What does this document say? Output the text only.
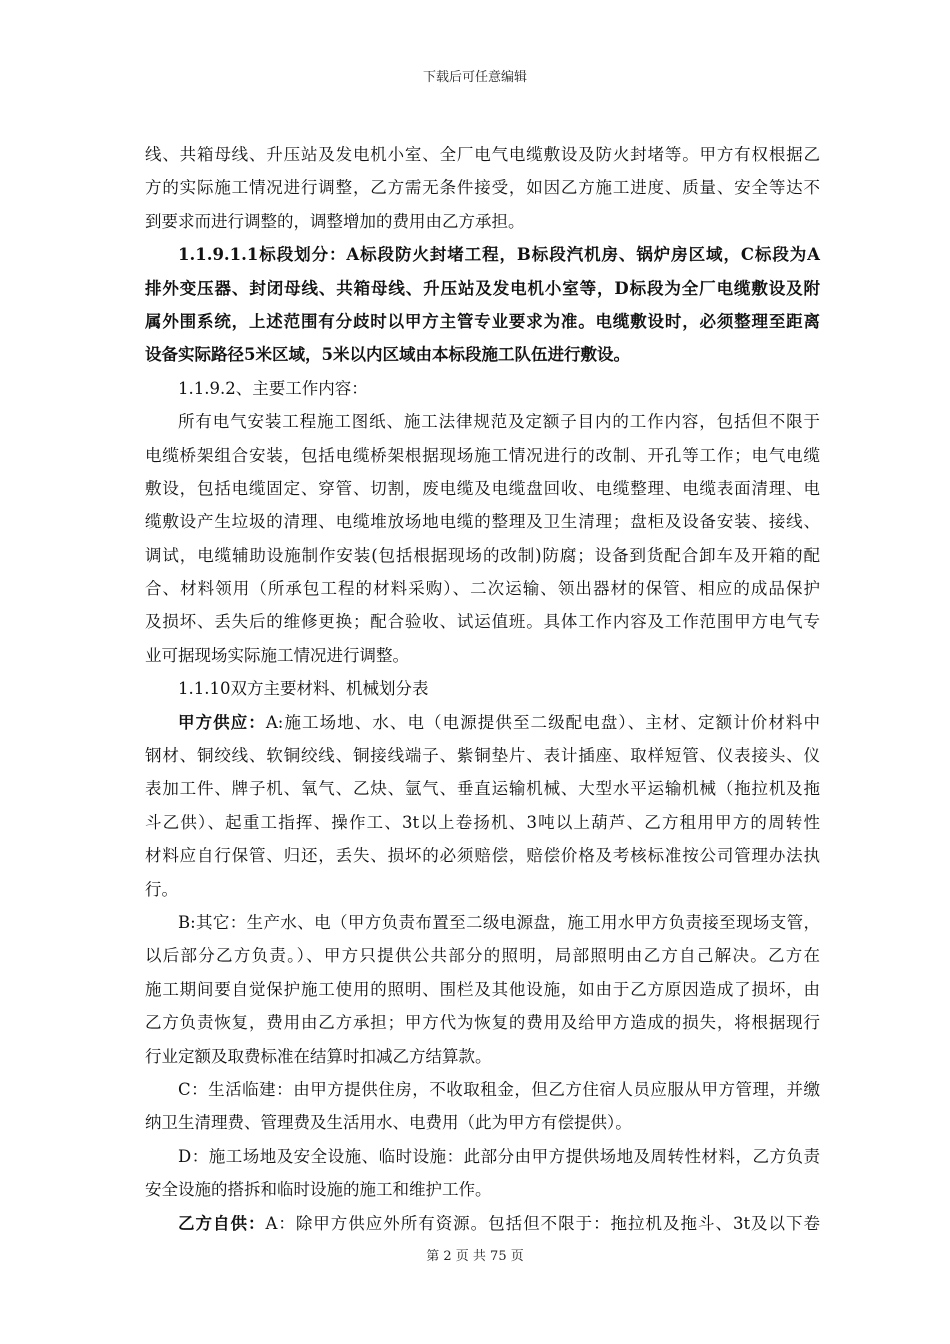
下载后可任意编辑
线、共箱母线、升压站及发电机小室、全厂电气电缆敷设及防火封堵等。甲方有权根据乙
方的实际施工情况进行调整，乙方需无条件接受，如因乙方施工进度、质量、安全等达不
到要求而进行调整的，调整增加的费用由乙方承担。
1.1.9.1.1标段划分：A标段防火封堵工程，B标段汽机房、锅炉房区域，C标段为A
排外变压器、封闭母线、共箱母线、升压站及发电机小室等，D标段为全厂电缆敷设及附
属外围系统，上述范围有分歧时以甲方主管专业要求为准。电缆敷设时，必须整理至距离
设备实际路径5米区域，5米以内区域由本标段施工队伍进行敷设。
1.1.9.2、主要工作内容：
所有电气安装工程施工图纸、施工法律规范及定额子目内的工作内容，包括但不限于
电缆桥架组合安装，包括电缆桥架根据现场施工情况进行的改制、开孔等工作；电气电缆
敷设，包括电缆固定、穿管、切割，废电缆及电缆盘回收、电缆整理、电缆表面清理、电
缆敷设产生垃圾的清理、电缆堆放场地电缆的整理及卫生清理；盘柜及设备安装、接线、
调试，电缆辅助设施制作安装(包括根据现场的改制)防腐；设备到货配合卸车及开箱的配
合、材料领用（所承包工程的材料采购）、二次运输、领出器材的保管、相应的成品保护
及损坏、丢失后的维修更换；配合验收、试运值班。具体工作内容及工作范围甲方电气专
业可据现场实际施工情况进行调整。
1.1.10双方主要材料、机械划分表
甲方供应：A:施工场地、水、电（电源提供至二级配电盘）、主材、定额计价材料中
钢材、铜绞线、软铜绞线、铜接线端子、紫铜垫片、表计插座、取样短管、仪表接头、仪
表加工件、牌子机、氧气、乙炔、氩气、垂直运输机械、大型水平运输机械（拖拉机及拖
斗乙供）、起重工指挥、操作工、3t以上卷扬机、3吨以上葫芦、乙方租用甲方的周转性
材料应自行保管、归还，丢失、损坏的必须赔偿，赔偿价格及考核标准按公司管理办法执
行。
B:其它：生产水、电（甲方负责布置至二级电源盘，施工用水甲方负责接至现场支管，
以后部分乙方负责。）、甲方只提供公共部分的照明，局部照明由乙方自己解决。乙方在
施工期间要自觉保护施工使用的照明、围栏及其他设施，如由于乙方原因造成了损坏，由
乙方负责恢复，费用由乙方承担；甲方代为恢复的费用及给甲方造成的损失，将根据现行
行业定额及取费标准在结算时扣减乙方结算款。
C：生活临建：由甲方提供住房，不收取租金，但乙方住宿人员应服从甲方管理，并缴
纳卫生清理费、管理费及生活用水、电费用（此为甲方有偿提供）。
D：施工场地及安全设施、临时设施：此部分由甲方提供场地及周转性材料，乙方负责
安全设施的搭拆和临时设施的施工和维护工作。
乙方自供：A：除甲方供应外所有资源。包括但不限于：拖拉机及拖斗、3t及以下卷
第 2 页 共 75 页
